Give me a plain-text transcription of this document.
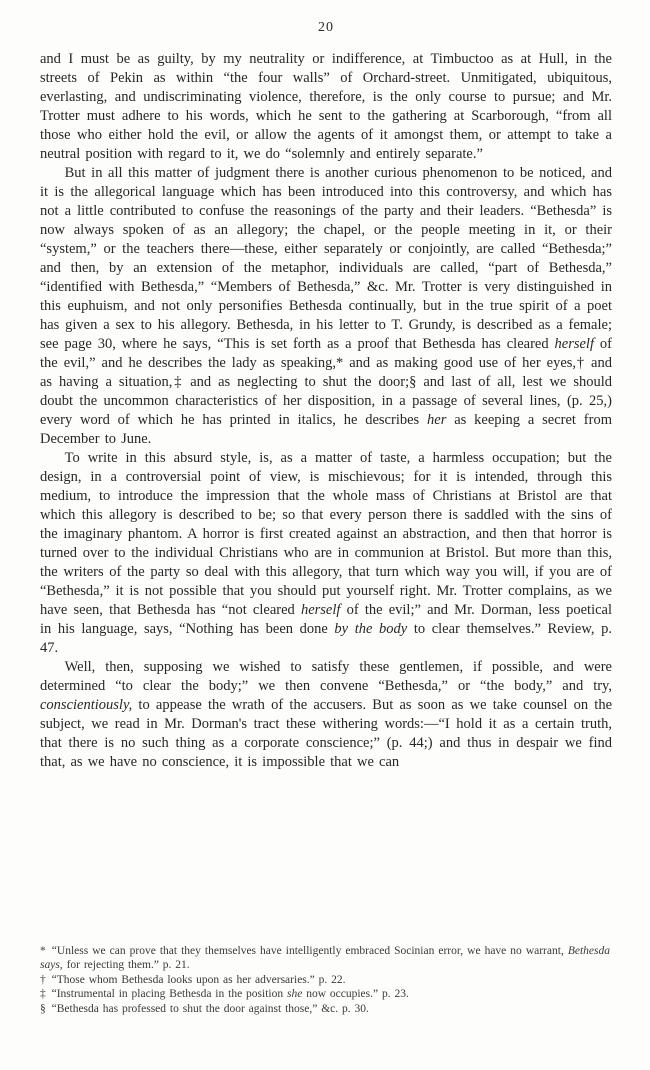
20

and I must be as guilty, by my neutrality or indifference, at Timbuctoo as at Hull, in the streets of Pekin as within “the four walls” of Orchard-street. Unmitigated, ubiquitous, everlasting, and undiscriminating violence, therefore, is the only course to pursue; and Mr. Trotter must adhere to his words, which he sent to the gathering at Scarborough, “from all those who either hold the evil, or allow the agents of it amongst them, or attempt to take a neutral position with regard to it, we do “solemnly and entirely separate.”

But in all this matter of judgment there is another curious phenomenon to be noticed, and it is the allegorical language which has been introduced into this controversy, and which has not a little contributed to confuse the reasonings of the party and their leaders. “Bethesda” is now always spoken of as an allegory; the chapel, or the people meeting in it, or their “system,” or the teachers there—these, either separately or conjointly, are called “Bethesda;” and then, by an extension of the metaphor, individuals are called, “part of Bethesda,” “identified with Bethesda,” “Members of Bethesda,” &c. Mr. Trotter is very distinguished in this euphuism, and not only personifies Bethesda continually, but in the true spirit of a poet has given a sex to his allegory. Bethesda, in his letter to T. Grundy, is described as a female; see page 30, where he says, “This is set forth as a proof that Bethesda has cleared herself of the evil,” and he describes the lady as speaking,* and as making good use of her eyes,† and as having a situation,‡ and as neglecting to shut the door;§ and last of all, lest we should doubt the uncommon characteristics of her disposition, in a passage of several lines, (p. 25,) every word of which he has printed in italics, he describes her as keeping a secret from December to June.

To write in this absurd style, is, as a matter of taste, a harmless occupation; but the design, in a controversial point of view, is mischievous; for it is intended, through this medium, to introduce the impression that the whole mass of Christians at Bristol are that which this allegory is described to be; so that every person there is saddled with the sins of the imaginary phantom. A horror is first created against an abstraction, and then that horror is turned over to the individual Christians who are in communion at Bristol. But more than this, the writers of the party so deal with this allegory, that turn which way you will, if you are of “Bethesda,” it is not possible that you should put yourself right. Mr. Trotter complains, as we have seen, that Bethesda has “not cleared herself of the evil;” and Mr. Dorman, less poetical in his language, says, “Nothing has been done by the body to clear themselves.” Review, p. 47.

Well, then, supposing we wished to satisfy these gentlemen, if possible, and were determined “to clear the body;” we then convene “Bethesda,” or “the body,” and try, conscientiously, to appease the wrath of the accusers. But as soon as we take counsel on the subject, we read in Mr. Dorman's tract these withering words:—“I hold it as a certain truth, that there is no such thing as a corporate conscience;” (p. 44;) and thus in despair we find that, as we have no conscience, it is impossible that we can

* “Unless we can prove that they themselves have intelligently embraced Socinian error, we have no warrant, Bethesda says, for rejecting them.” p. 21.

† “Those whom Bethesda looks upon as her adversaries.” p. 22.

‡ “Instrumental in placing Bethesda in the position she now occupies.” p. 23.

§ “Bethesda has professed to shut the door against those,” &c. p. 30.
